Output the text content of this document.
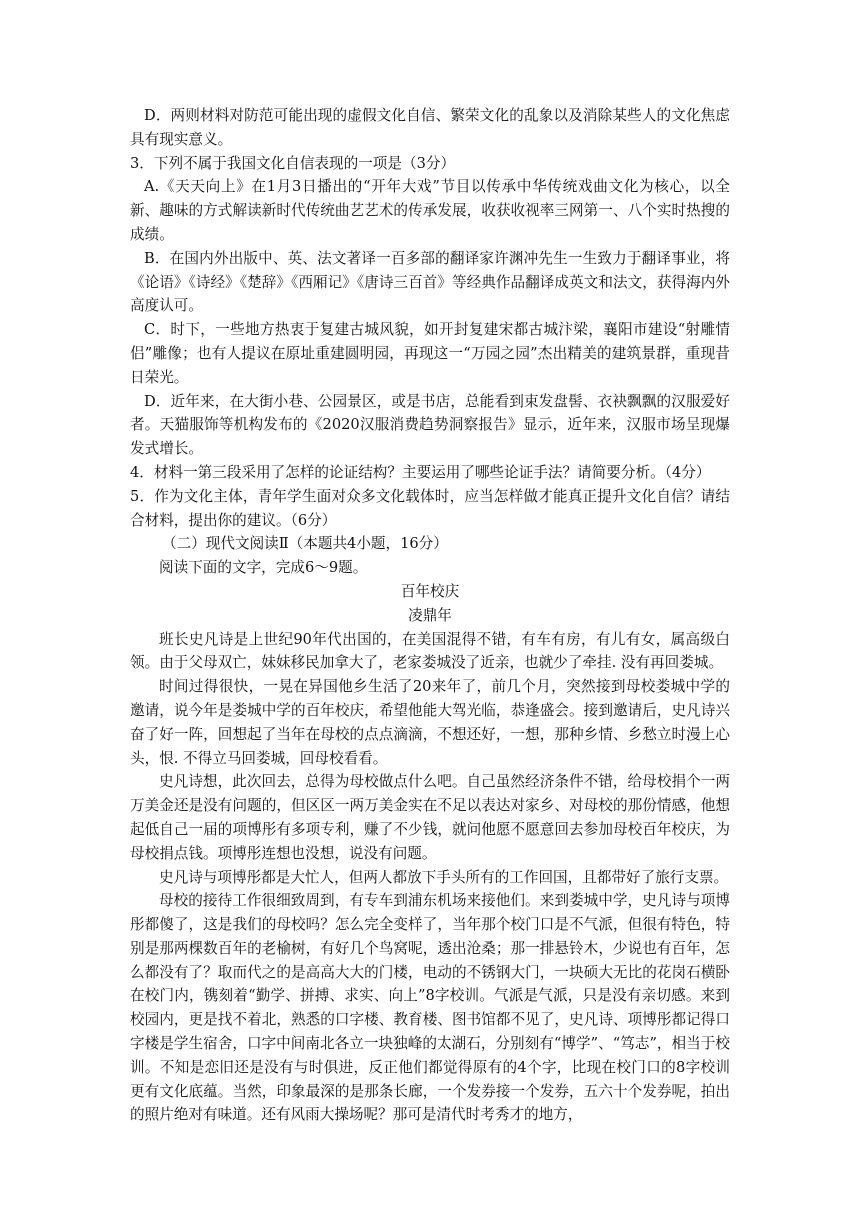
D．两则材料对防范可能出现的虚假文化自信、繁荣文化的乱象以及消除某些人的文化焦虑具有现实意义。

3．下列不属于我国文化自信表现的一项是（3分）

A.《天天向上》在1月3日播出的“开年大戏”节目以传承中华传统戏曲文化为核心，以全新、趣味的方式解读新时代传统曲艺艺术的传承发展，收获收视率三网第一、八个实时热搜的成绩。

B．在国内外出版中、英、法文著译一百多部的翻译家许渊冲先生一生致力于翻译事业，将《论语》《诗经》《楚辞》《西厢记》《唐诗三百首》等经典作品翻译成英文和法文，获得海内外高度认可。

C．时下，一些地方热衷于复建古城风貌，如开封复建宋都古城汴梁，襄阳市建设“射雕情侣”雕像；也有人提议在原址重建圆明园，再现这一“万园之园”杰出精美的建筑景群，重现昔日荣光。

D．近年来，在大街小巷、公园景区，或是书店，总能看到束发盘髻、衣袂飘飘的汉服爱好者。天猫服饰等机构发布的《2020汉服消费趋势洞察报告》显示，近年来，汉服市场呈现爆发式增长。

4．材料一第三段采用了怎样的论证结构？主要运用了哪些论证手法？请简要分析。（4分）

5．作为文化主体，青年学生面对众多文化载体时，应当怎样做才能真正提升文化自信？请结合材料，提出你的建议。（6分）

（二）现代文阅读Ⅱ（本题共4小题，16分）

阅读下面的文字，完成6～9题。

百年校庆

凌鼎年

班长史凡诗是上世纪90年代出国的，在美国混得不错，有车有房，有儿有女，属高级白领。由于父母双亡，妹妹移民加拿大了，老家娄城没了近亲，也就少了牵挂. 没有再回娄城。

时间过得很快，一晃在异国他乡生活了20来年了，前几个月，突然接到母校娄城中学的邀请，说今年是娄城中学的百年校庆，希望他能大驾光临，恭逢盛会。接到邀请后，史凡诗兴奋了好一阵，回想起了当年在母校的点点滴滴，不想还好，一想，那种乡情、乡愁立时漫上心头，恨. 不得立马回娄城，回母校看看。

史凡诗想，此次回去，总得为母校做点什么吧。自己虽然经济条件不错，给母校捐个一两万美金还是没有问题的，但区区一两万美金实在不足以表达对家乡、对母校的那份情感，他想起低自己一届的项博彤有多项专利，赚了不少钱，就问他愿不愿意回去参加母校百年校庆，为母校捐点钱。项博彤连想也没想，说没有问题。

史凡诗与项博彤都是大忙人，但两人都放下手头所有的工作回国，且都带好了旅行支票。

母校的接待工作很细致周到，有专车到浦东机场来接他们。来到娄城中学，史凡诗与项博彤都傻了，这是我们的母校吗？怎么完全变样了，当年那个校门口是不气派，但很有特色，特别是那两棵数百年的老榆树，有好几个鸟窝呢，透出沧桑；那一排悬铃木，少说也有百年，怎么都没有了？取而代之的是高高大大的门楼，电动的不锈钢大门，一块硕大无比的花岗石横卧在校门内，镌刻着“勤学、拼搏、求实、向上”8字校训。气派是气派，只是没有亲切感。来到校园内，更是找不着北，熟悉的口字楼、教育楼、图书馆都不见了，史凡诗、项博彤都记得口字楼是学生宿舍，口字中间南北各立一块独峰的太湖石，分别刻有“博学”、“笃志”，相当于校训。不知是恋旧还是没有与时俱进，反正他们都觉得原有的4个字，比现在校门口的8字校训更有文化底蕴。当然，印象最深的是那条长廊，一个发券接一个发券，五六十个发券呢，拍出的照片绝对有味道。还有风雨大操场呢？那可是清代时考秀才的地方，
